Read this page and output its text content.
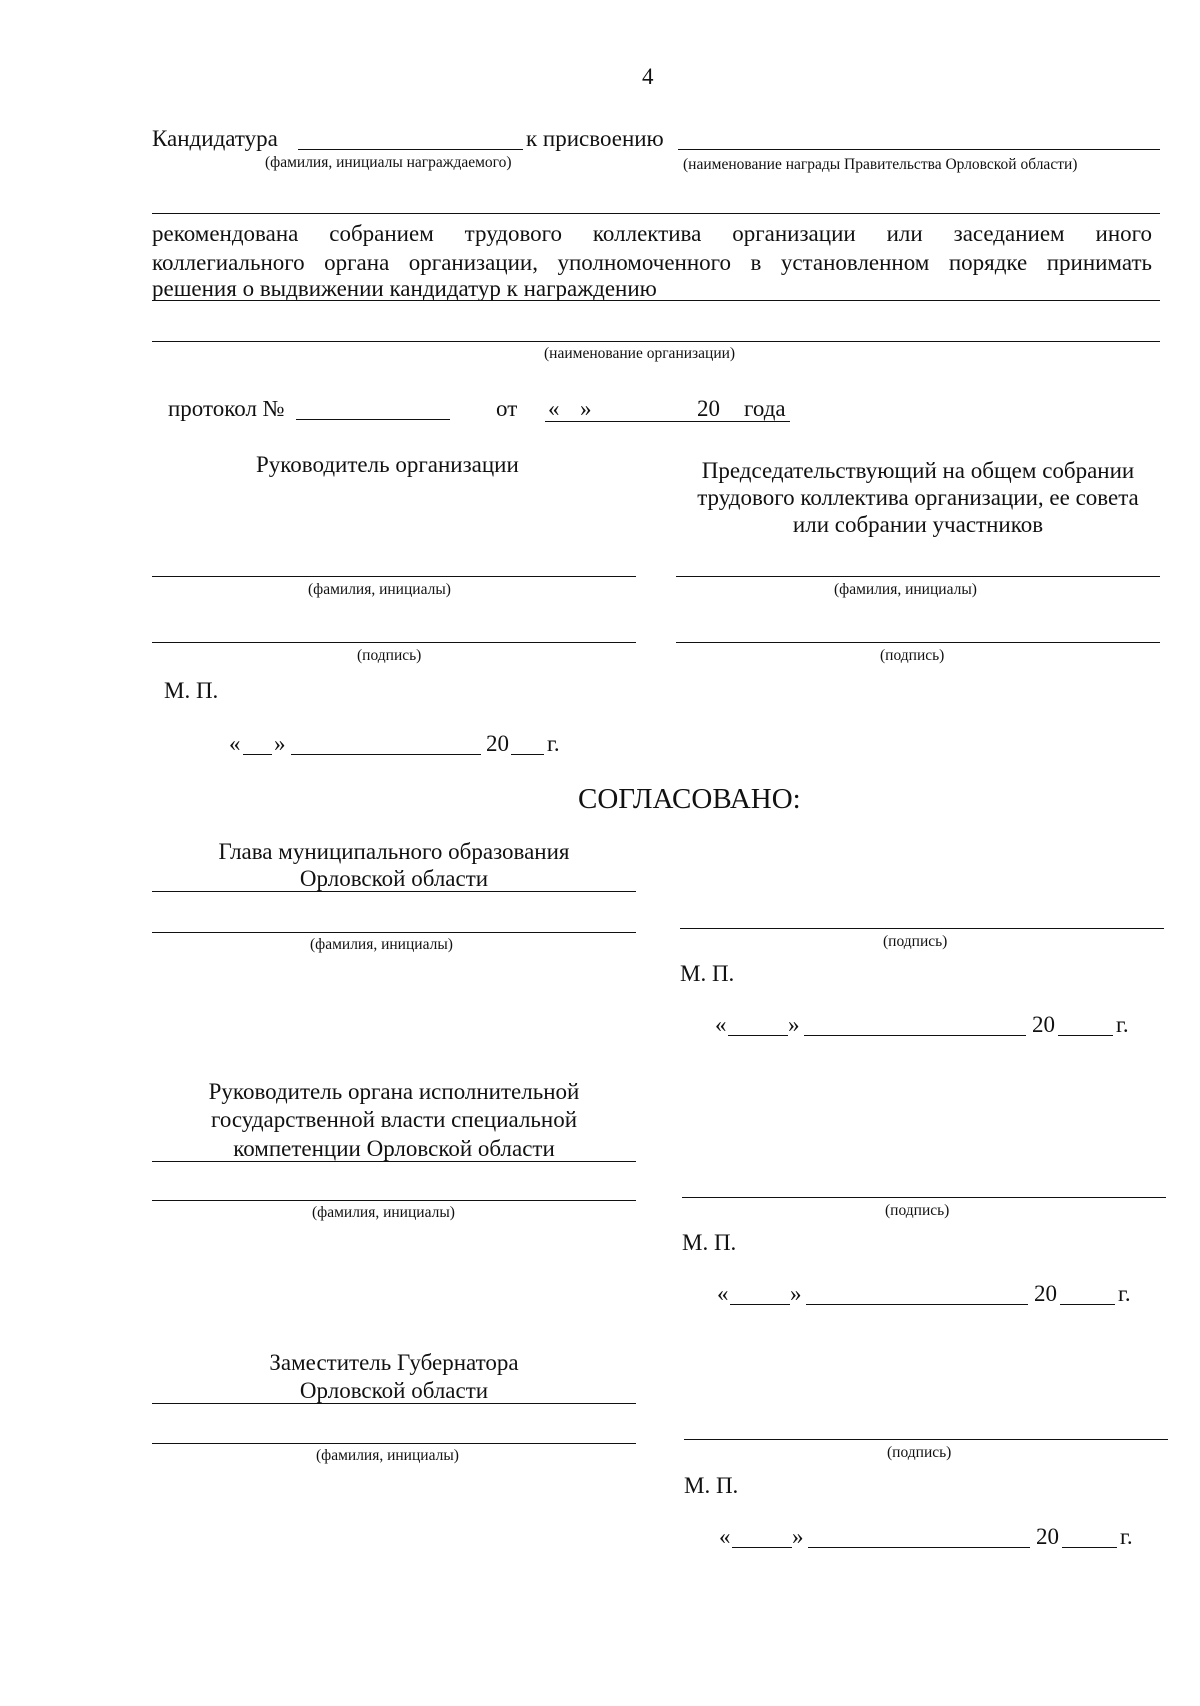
4
Кандидатура	к присвоению
(фамилия, инициалы награждаемого)	(наименование награды Правительства Орловской области)
рекомендована собранием трудового коллектива организации или заседанием иного
коллегиального органа организации, уполномоченного в установленном порядке принимать
решения о выдвижении кандидатур к награждению
(наименование организации)
протокол №	от « »	20 года
Руководитель организации	Председательствующий на общем собрании
трудового коллектива организации, ее совета
или собрании участников
(фамилия, инициалы)	(фамилия, инициалы)
(подпись)	(подпись)
М. П.
« »	20 г.
СОГЛАСОВАНО:
Глава муниципального образования
Орловской области
(фамилия, инициалы)	(подпись)
М. П.
«	»	20	г.
Руководитель органа исполнительной
государственной власти специальной
компетенции Орловской области
(фамилия, инициалы)	(подпись)
М. П.
«	»	20	г.
Заместитель Губернатора
Орловской области
(фамилия, инициалы)	(подпись)
М. П.
«	»	20	г.
